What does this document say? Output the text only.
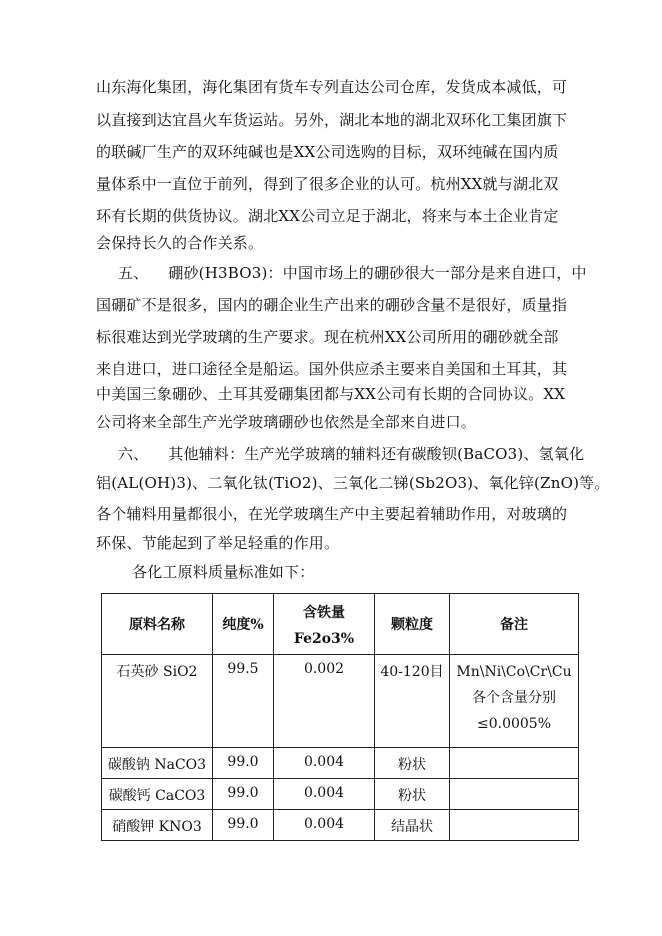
山东海化集团，海化集团有货车专列直达公司仓库，发货成本减低，可
以直接到达宜昌火车货运站。另外，湖北本地的湖北双环化工集团旗下
的联碱厂生产的双环纯碱也是XX公司选购的目标，双环纯碱在国内质
量体系中一直位于前列，得到了很多企业的认可。杭州XX就与湖北双
环有长期的供货协议。湖北XX公司立足于湖北，将来与本土企业肯定
会保持长久的合作关系。
五、    硼砂(H3BO3)：中国市场上的硼砂很大一部分是来自进口，中
国硼矿不是很多，国内的硼企业生产出来的硼砂含量不是很好，质量指
标很难达到光学玻璃的生产要求。现在杭州XX公司所用的硼砂就全部
来自进口，进口途径全是船运。国外供应杀主要来自美国和土耳其，其
中美国三象硼砂、土耳其爱硼集团都与XX公司有长期的合同协议。XX
公司将来全部生产光学玻璃硼砂也依然是全部来自进口。
六、    其他辅料：生产光学玻璃的辅料还有碳酸钡(BaCO3)、氢氧化
铝(AL(OH)3)、二氧化钛(TiO2)、三氧化二锑(Sb2O3)、氧化锌(ZnO)等。
各个辅料用量都很小，在光学玻璃生产中主要起着辅助作用，对玻璃的
环保、节能起到了举足轻重的作用。
各化工原料质量标准如下：
原料名称	纯度%	含铁量
Fe2o3%	颗粒度	备注

石英砂 SiO2	99.5	0.002	40-120目	Mn\Ni\Co\Cr\Cu
各个含量分别
≤0.0005%

碳酸钠 NaCO3	99.0	0.004	粉状	

碳酸钙 CaCO3	99.0	0.004	粉状	

硝酸钾 KNO3	99.0	0.004	结晶状	
